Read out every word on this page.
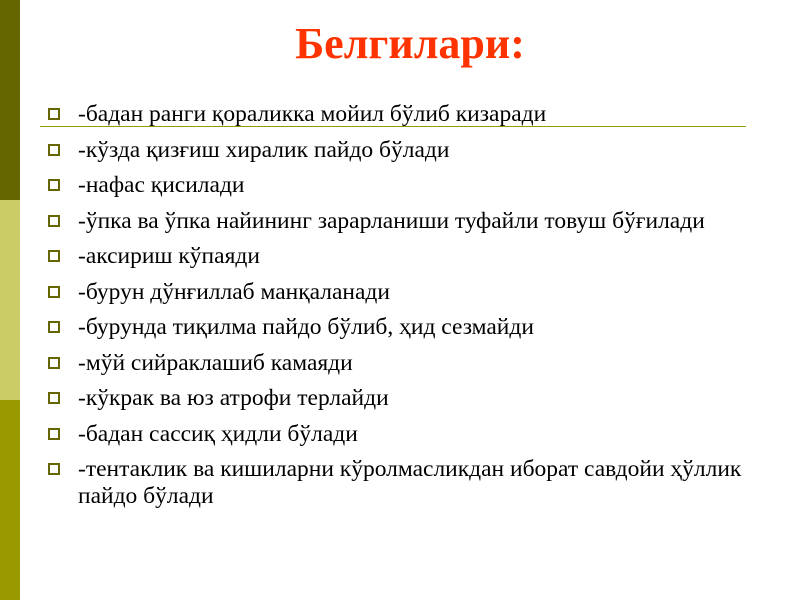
Белгилари:
-бадан ранги қораликка мойил бўлиб кизаради
-кўзда қизғиш хиралик пайдо бўлади
-нафас қисилади
-ўпка ва ўпка найининг зарарланиши туфайли товуш бўғилади
-аксириш кўпаяди
-бурун дўнғиллаб манқаланади
-бурунда тиқилма пайдо бўлиб, ҳид сезмайди
-мўй сийраклашиб камаяди
-кўкрак ва юз атрофи терлайди
-бадан сассиқ ҳидли бўлади
-тентаклик ва кишиларни кўролмасликдан иборат савдойи ҳўллик пайдо бўлади
